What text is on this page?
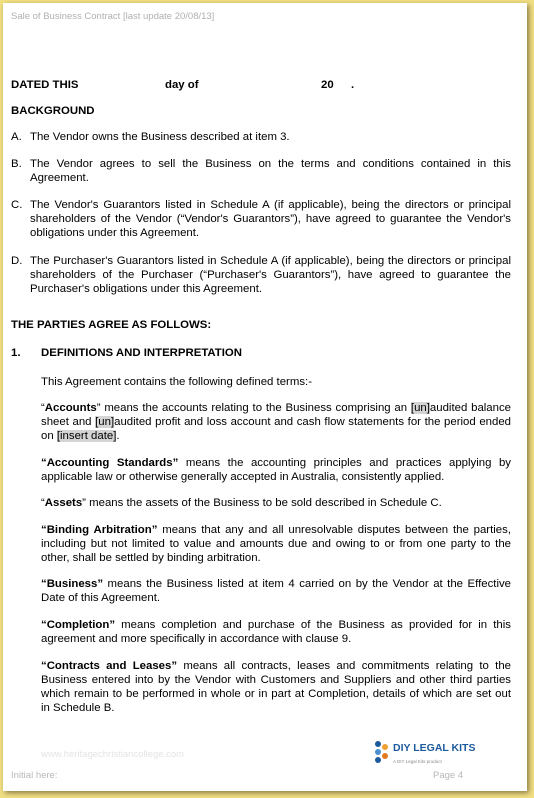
Sale of Business Contract [last update 20/08/13]
DATED THIS	day of	20 .
BACKGROUND
A. The Vendor owns the Business described at item 3.
B. The Vendor agrees to sell the Business on the terms and conditions contained in this Agreement.
C. The Vendor's Guarantors listed in Schedule A (if applicable), being the directors or principal shareholders of the Vendor (“Vendor's Guarantors”), have agreed to guarantee the Vendor's obligations under this Agreement.
D. The Purchaser's Guarantors listed in Schedule A (if applicable), being the directors or principal shareholders of the Purchaser (“Purchaser's Guarantors”), have agreed to guarantee the Purchaser's obligations under this Agreement.
THE PARTIES AGREE AS FOLLOWS:
1. DEFINITIONS AND INTERPRETATION
This Agreement contains the following defined terms:-
“Accounts” means the accounts relating to the Business comprising an [un]audited balance sheet and [un]audited profit and loss account and cash flow statements for the period ended on [insert date].
“Accounting Standards” means the accounting principles and practices applying by applicable law or otherwise generally accepted in Australia, consistently applied.
“Assets” means the assets of the Business to be sold described in Schedule C.
“Binding Arbitration” means that any and all unresolvable disputes between the parties, including but not limited to value and amounts due and owing to or from one party to the other, shall be settled by binding arbitration.
“Business” means the Business listed at item 4 carried on by the Vendor at the Effective Date of this Agreement.
“Completion” means completion and purchase of the Business as provided for in this agreement and more specifically in accordance with clause 9.
“Contracts and Leases” means all contracts, leases and commitments relating to the Business entered into by the Vendor with Customers and Suppliers and other third parties which remain to be performed in whole or in part at Completion, details of which are set out in Schedule B.
www.heritagechristiancollege.com
DIY LEGAL KITS
A DIY Legal Kits product
Initial here:	Page 4
